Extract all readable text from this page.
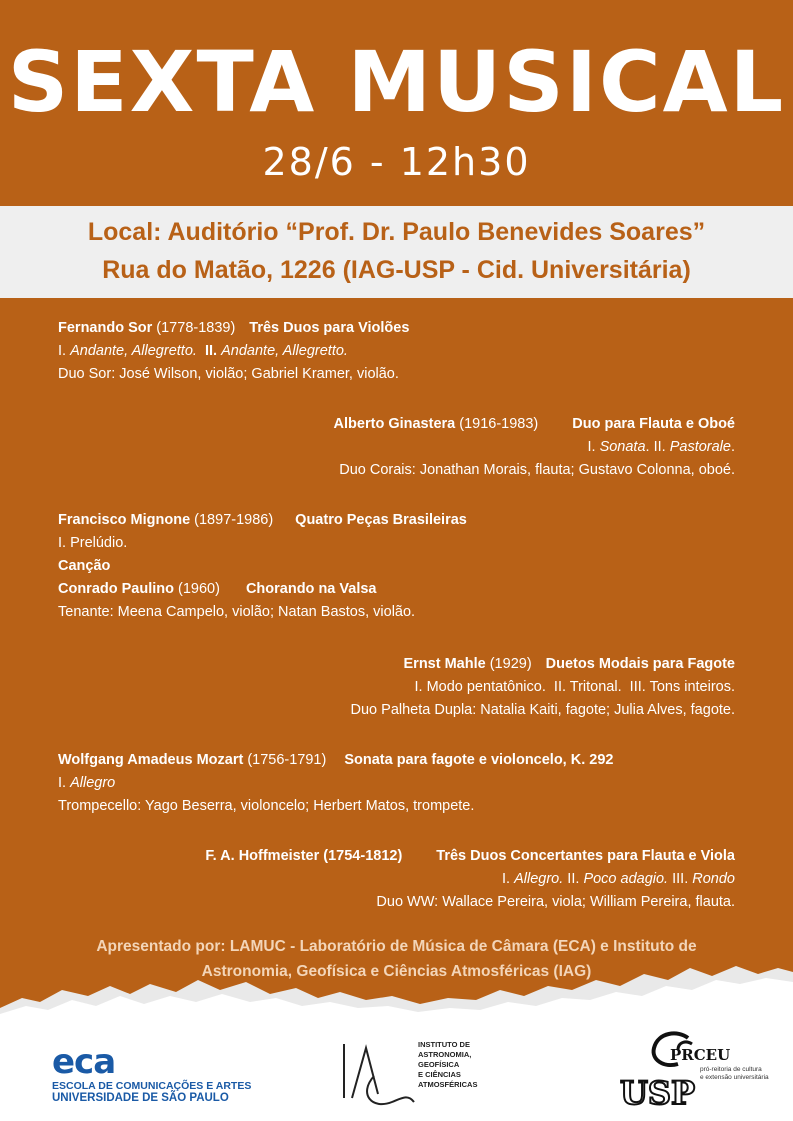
SEXTA MUSICAL
28/6 - 12h30
Local: Auditório “Prof. Dr. Paulo Benevides Soares”
Rua do Matão, 1226 (IAG-USP - Cid. Universitária)
Fernando Sor (1778-1839) Três Duos para Violões
I. Andante, Allegretto. II. Andante, Allegretto.
Duo Sor: José Wilson, violão; Gabriel Kramer, violão.
Alberto Ginastera (1916-1983) Duo para Flauta e Oboé
I. Sonata. II. Pastorale.
Duo Corais: Jonathan Morais, flauta; Gustavo Colonna, oboé.
Francisco Mignone (1897-1986) Quatro Peças Brasileiras
I. Prelúdio.
Canção
Conrado Paulino (1960) Chorando na Valsa
Tenante: Meena Campelo, violão; Natan Bastos, violão.
Ernst Mahle (1929) Duetos Modais para Fagote
I. Modo pentatônico.  II. Tritonal.  III. Tons inteiros.
Duo Palheta Dupla: Natalia Kaiti, fagote; Julia Alves, fagote.
Wolfgang Amadeus Mozart (1756-1791) Sonata para fagote e violoncelo, K. 292
I. Allegro
Trompecello: Yago Beserra, violoncelo; Herbert Matos, trompete.
F. A. Hoffmeister (1754-1812) Três Duos Concertantes para Flauta e Viola
I. Allegro. II. Poco adagio. III. Rondo
Duo WW: Wallace Pereira, viola; William Pereira, flauta.
Apresentado por: LAMUC - Laboratório de Música de Câmara (ECA) e Instituto de
Astronomia, Geofísica e Ciências Atmosféricas (IAG)
eca
ESCOLA DE COMUNICAÇÕES E ARTES
UNIVERSIDADE DE SÃO PAULO
INSTITUTO DE
ASTRONOMIA,
GEOFÍSICA
E CIÊNCIAS
ATMOSFÉRICAS
PRCEU
pró-reitoria de cultura
e extensão universitária
USP
